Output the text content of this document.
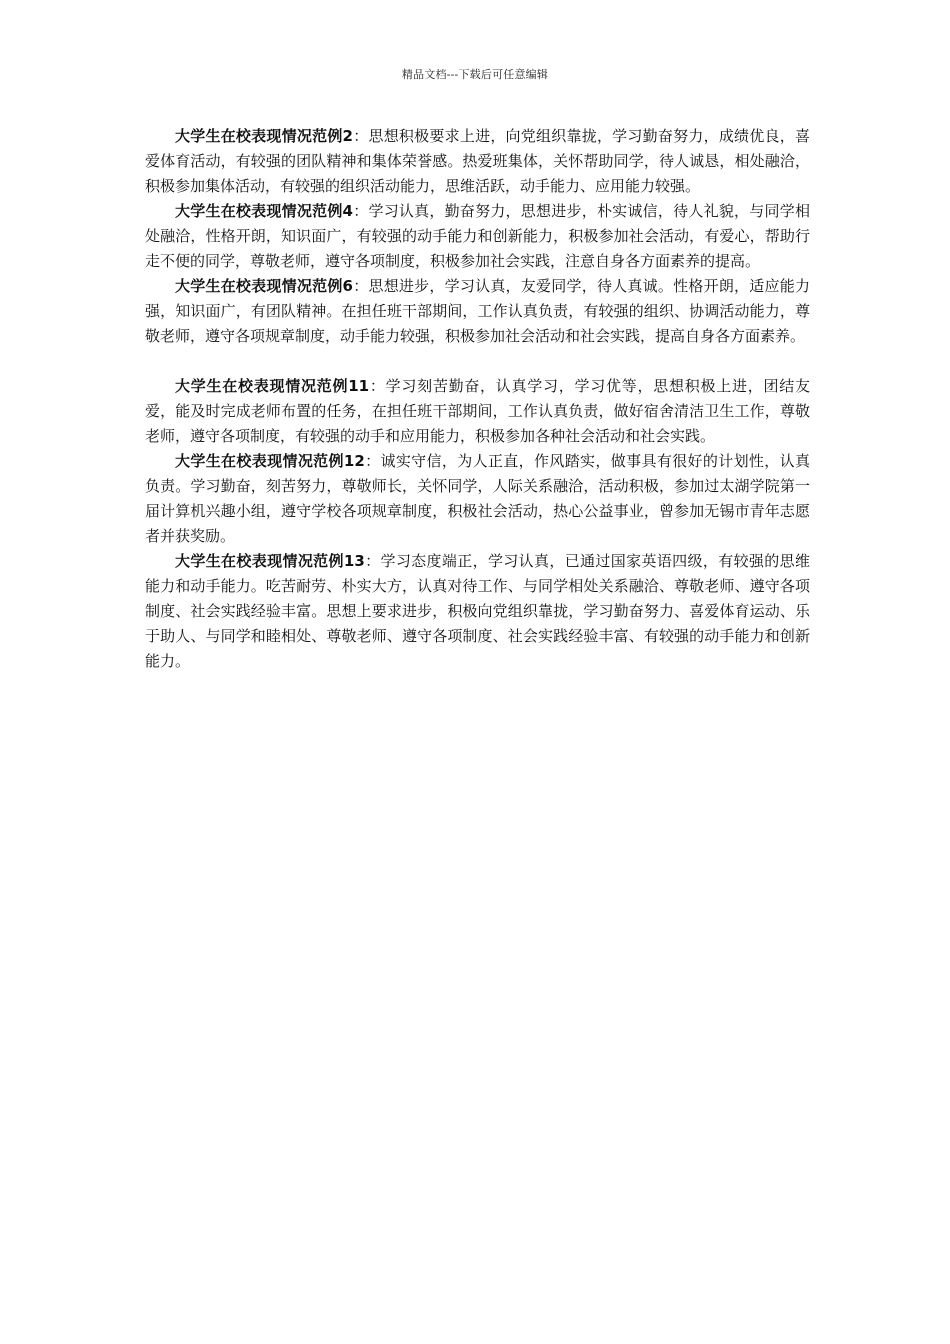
精品文档---下载后可任意编辑

大学生在校表现情况范例2：思想积极要求上进，向党组织靠拢，学习勤奋努力，成绩优良，喜爱体育活动，有较强的团队精神和集体荣誉感。热爱班集体，关怀帮助同学，待人诚恳，相处融洽，积极参加集体活动，有较强的组织活动能力，思维活跃，动手能力、应用能力较强。

大学生在校表现情况范例4：学习认真，勤奋努力，思想进步，朴实诚信，待人礼貌，与同学相处融洽，性格开朗，知识面广，有较强的动手能力和创新能力，积极参加社会活动，有爱心，帮助行走不便的同学，尊敬老师，遵守各项制度，积极参加社会实践，注意自身各方面素养的提高。

大学生在校表现情况范例6：思想进步，学习认真，友爱同学，待人真诚。性格开朗，适应能力强，知识面广，有团队精神。在担任班干部期间，工作认真负责，有较强的组织、协调活动能力，尊敬老师，遵守各项规章制度，动手能力较强，积极参加社会活动和社会实践，提高自身各方面素养。

大学生在校表现情况范例11：学习刻苦勤奋，认真学习，学习优等，思想积极上进，团结友爱，能及时完成老师布置的任务，在担任班干部期间，工作认真负责，做好宿舍清洁卫生工作，尊敬老师，遵守各项制度，有较强的动手和应用能力，积极参加各种社会活动和社会实践。

大学生在校表现情况范例12：诚实守信，为人正直，作风踏实，做事具有很好的计划性，认真负责。学习勤奋，刻苦努力，尊敬师长，关怀同学，人际关系融洽，活动积极，参加过太湖学院第一届计算机兴趣小组，遵守学校各项规章制度，积极社会活动，热心公益事业，曾参加无锡市青年志愿者并获奖励。

大学生在校表现情况范例13：学习态度端正，学习认真，已通过国家英语四级，有较强的思维能力和动手能力。吃苦耐劳、朴实大方，认真对待工作、与同学相处关系融洽、尊敬老师、遵守各项制度、社会实践经验丰富。思想上要求进步，积极向党组织靠拢，学习勤奋努力、喜爱体育运动、乐于助人、与同学和睦相处、尊敬老师、遵守各项制度、社会实践经验丰富、有较强的动手能力和创新能力。
